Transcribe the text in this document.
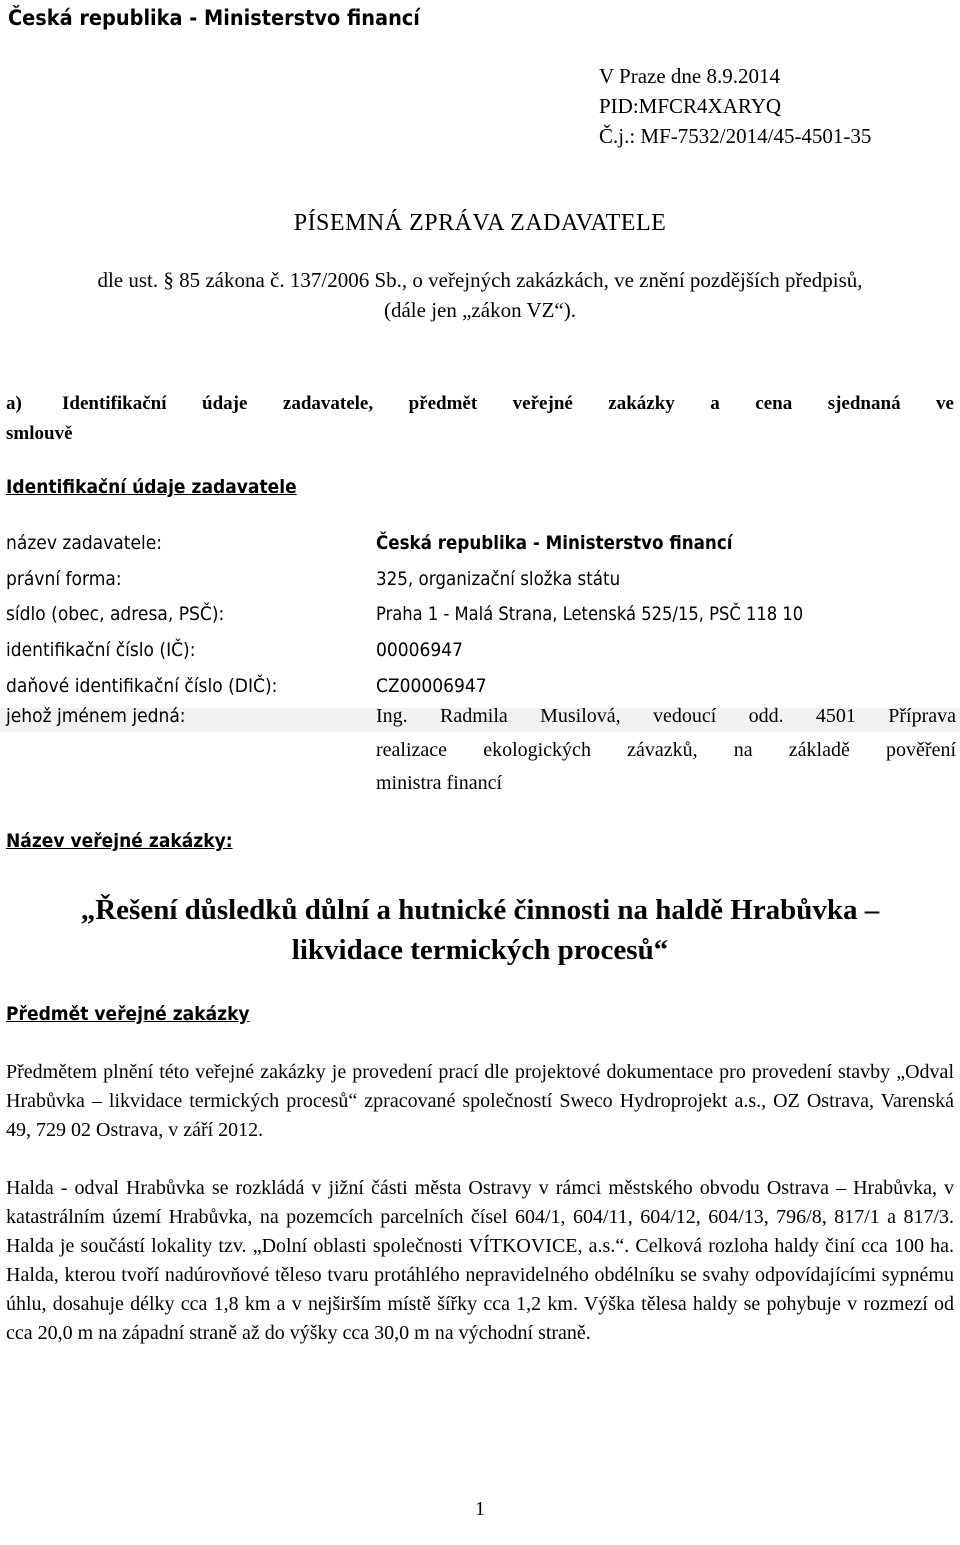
Česká republika - Ministerstvo financí
V Praze dne 8.9.2014
PID:MFCR4XARYQ
Č.j.: MF-7532/2014/45-4501-35
PÍSEMNÁ ZPRÁVA ZADAVATELE
dle ust. § 85 zákona č. 137/2006 Sb., o veřejných zakázkách, ve znění pozdějších předpisů,
(dále jen „zákon VZ“).
a) Identifikační údaje zadavatele, předmět veřejné zakázky a cena sjednaná ve
smlouvě
Identifikační údaje zadavatele
název zadavatele:	Česká republika - Ministerstvo financí
právní forma:	325, organizační složka státu
sídlo (obec, adresa, PSČ):	Praha 1 - Malá Strana, Letenská 525/15, PSČ 118 10
identifikační číslo (IČ):	00006947
daňové identifikační číslo (DIČ):	CZ00006947
jehož jménem jedná:	Ing. Radmila Musilová, vedoucí odd. 4501 Příprava
realizace ekologických závazků, na základě pověření
ministra financí
Název veřejné zakázky:
„Řešení důsledků důlní a hutnické činnosti na haldě Hrabůvka –
likvidace termických procesů“
Předmět veřejné zakázky
Předmětem plnění této veřejné zakázky je provedení prací dle projektové dokumentace pro provedení stavby „Odval Hrabůvka – likvidace termických procesů“ zpracované společností Sweco Hydroprojekt a.s., OZ Ostrava, Varenská 49, 729 02 Ostrava, v září 2012.
Halda - odval Hrabůvka se rozkládá v jižní části města Ostravy v rámci městského obvodu Ostrava – Hrabůvka, v katastrálním území Hrabůvka, na pozemcích parcelních čísel 604/1, 604/11, 604/12, 604/13, 796/8, 817/1 a 817/3. Halda je součástí lokality tzv. „Dolní oblasti společnosti VÍTKOVICE, a.s.“. Celková rozloha haldy činí cca 100 ha. Halda, kterou tvoří nadúrovňové těleso tvaru protáhlého nepravidelného obdélníku se svahy odpovídajícími sypnému úhlu, dosahuje délky cca 1,8 km a v nejširším místě šířky cca 1,2 km. Výška tělesa haldy se pohybuje v rozmezí od cca 20,0 m na západní straně až do výšky cca 30,0 m na východní straně.
1
